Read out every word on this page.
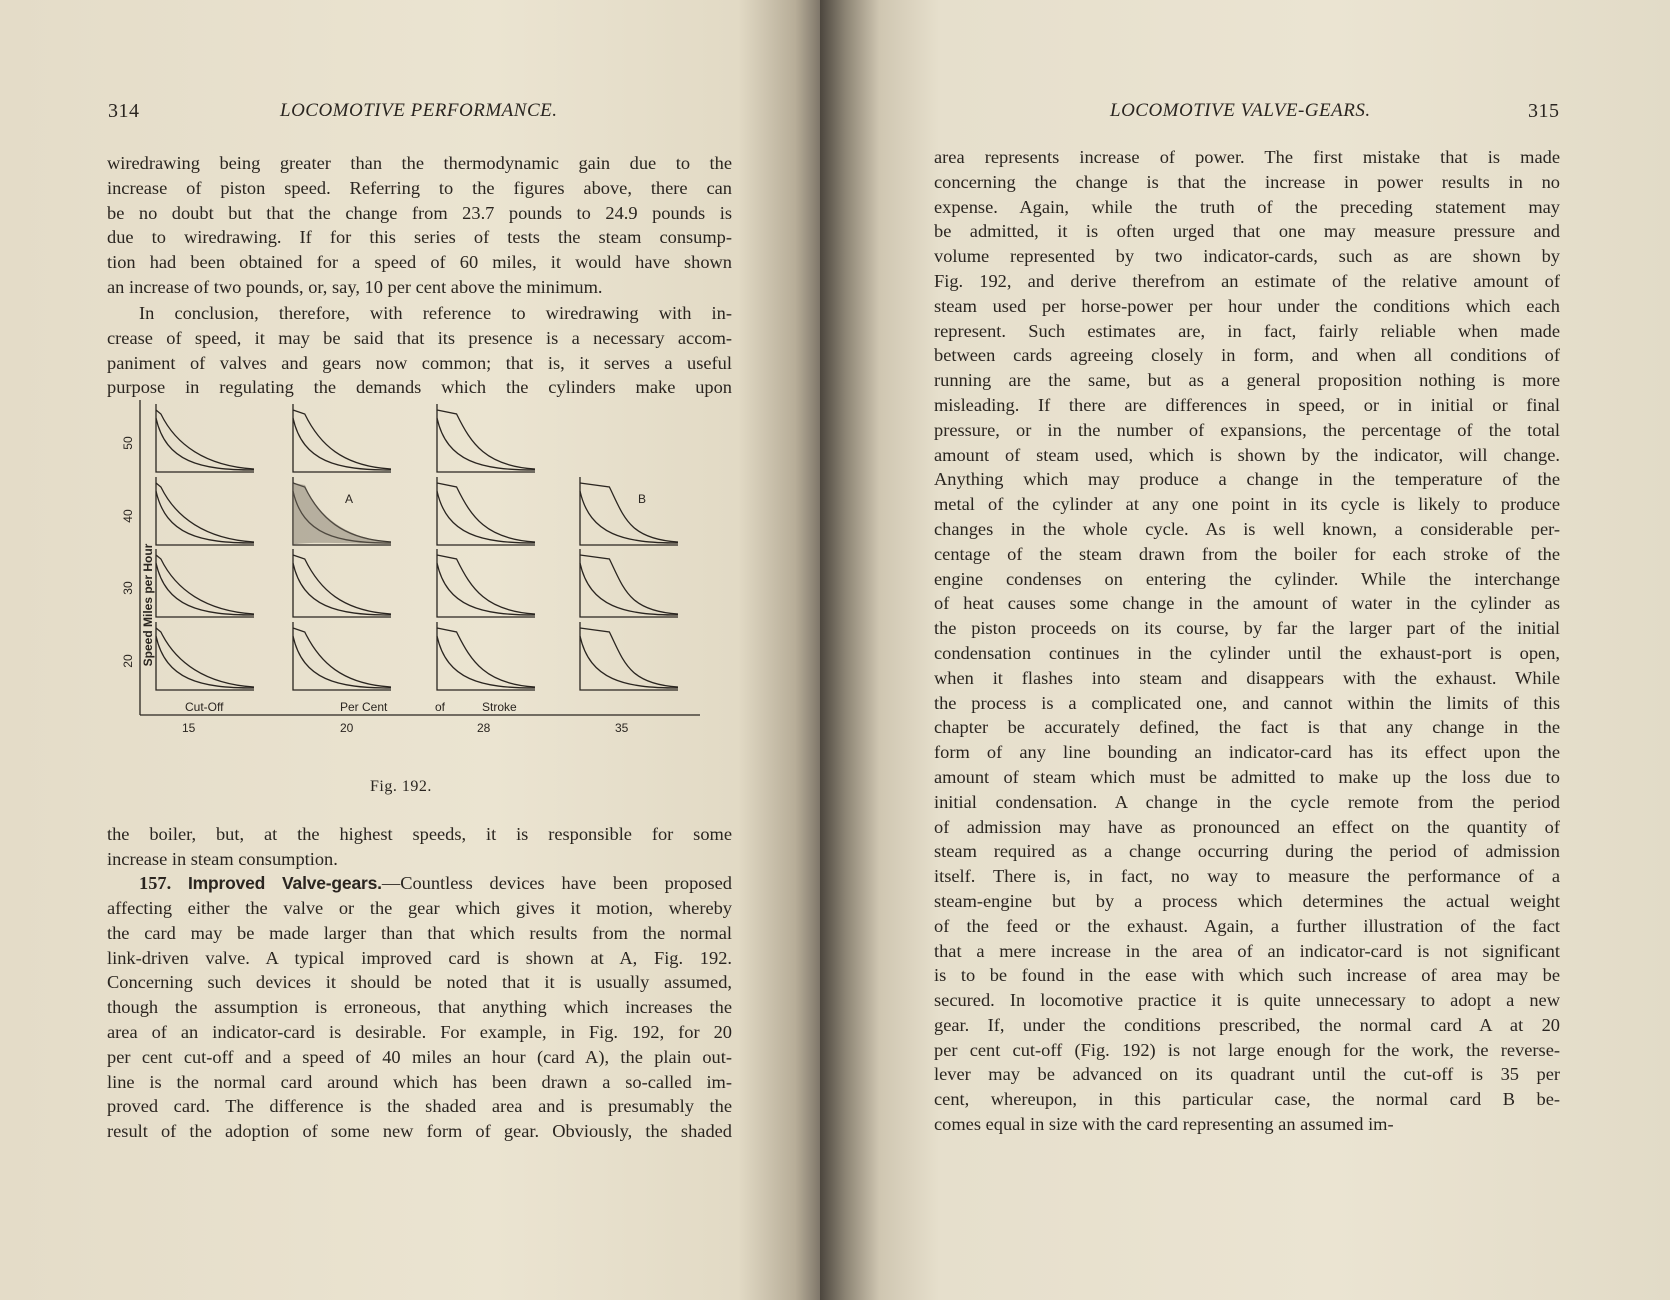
314	LOCOMOTIVE PERFORMANCE.
wiredrawing being greater than the thermodynamic gain due to the
increase of piston speed. Referring to the figures above, there can
be no doubt but that the change from 23.7 pounds to 24.9 pounds is
due to wiredrawing. If for this series of tests the steam consump-
tion had been obtained for a speed of 60 miles, it would have shown
an increase of two pounds, or, say, 10 per cent above the minimum.
In conclusion, therefore, with reference to wiredrawing with in-
crease of speed, it may be said that its presence is a necessary accom-
paniment of valves and gears now common; that is, it serves a useful
purpose in regulating the demands which the cylinders make upon
Speed Miles per Hour
50
40
30
20
Cut-Off	Per Cent	of	Stroke
15	20	28	35
A	B
Fig. 192.
the boiler, but, at the highest speeds, it is responsible for some
increase in steam consumption.
157. Improved Valve-gears.—Countless devices have been proposed
affecting either the valve or the gear which gives it motion, whereby
the card may be made larger than that which results from the normal
link-driven valve. A typical improved card is shown at A, Fig. 192.
Concerning such devices it should be noted that it is usually assumed,
though the assumption is erroneous, that anything which increases the
area of an indicator-card is desirable. For example, in Fig. 192, for 20
per cent cut-off and a speed of 40 miles an hour (card A), the plain out-
line is the normal card around which has been drawn a so-called im-
proved card. The difference is the shaded area and is presumably the
result of the adoption of some new form of gear. Obviously, the shaded
LOCOMOTIVE VALVE-GEARS.	315
area represents increase of power. The first mistake that is made
concerning the change is that the increase in power results in no
expense. Again, while the truth of the preceding statement may
be admitted, it is often urged that one may measure pressure and
volume represented by two indicator-cards, such as are shown by
Fig. 192, and derive therefrom an estimate of the relative amount of
steam used per horse-power per hour under the conditions which each
represent. Such estimates are, in fact, fairly reliable when made
between cards agreeing closely in form, and when all conditions of
running are the same, but as a general proposition nothing is more
misleading. If there are differences in speed, or in initial or final
pressure, or in the number of expansions, the percentage of the total
amount of steam used, which is shown by the indicator, will change.
Anything which may produce a change in the temperature of the
metal of the cylinder at any one point in its cycle is likely to produce
changes in the whole cycle. As is well known, a considerable per-
centage of the steam drawn from the boiler for each stroke of the
engine condenses on entering the cylinder. While the interchange
of heat causes some change in the amount of water in the cylinder as
the piston proceeds on its course, by far the larger part of the initial
condensation continues in the cylinder until the exhaust-port is open,
when it flashes into steam and disappears with the exhaust. While
the process is a complicated one, and cannot within the limits of this
chapter be accurately defined, the fact is that any change in the
form of any line bounding an indicator-card has its effect upon the
amount of steam which must be admitted to make up the loss due to
initial condensation. A change in the cycle remote from the period
of admission may have as pronounced an effect on the quantity of
steam required as a change occurring during the period of admission
itself. There is, in fact, no way to measure the performance of a
steam-engine but by a process which determines the actual weight
of the feed or the exhaust. Again, a further illustration of the fact
that a mere increase in the area of an indicator-card is not significant
is to be found in the ease with which such increase of area may be
secured. In locomotive practice it is quite unnecessary to adopt a new
gear. If, under the conditions prescribed, the normal card A at 20
per cent cut-off (Fig. 192) is not large enough for the work, the reverse-
lever may be advanced on its quadrant until the cut-off is 35 per
cent, whereupon, in this particular case, the normal card B be-
comes equal in size with the card representing an assumed im-
